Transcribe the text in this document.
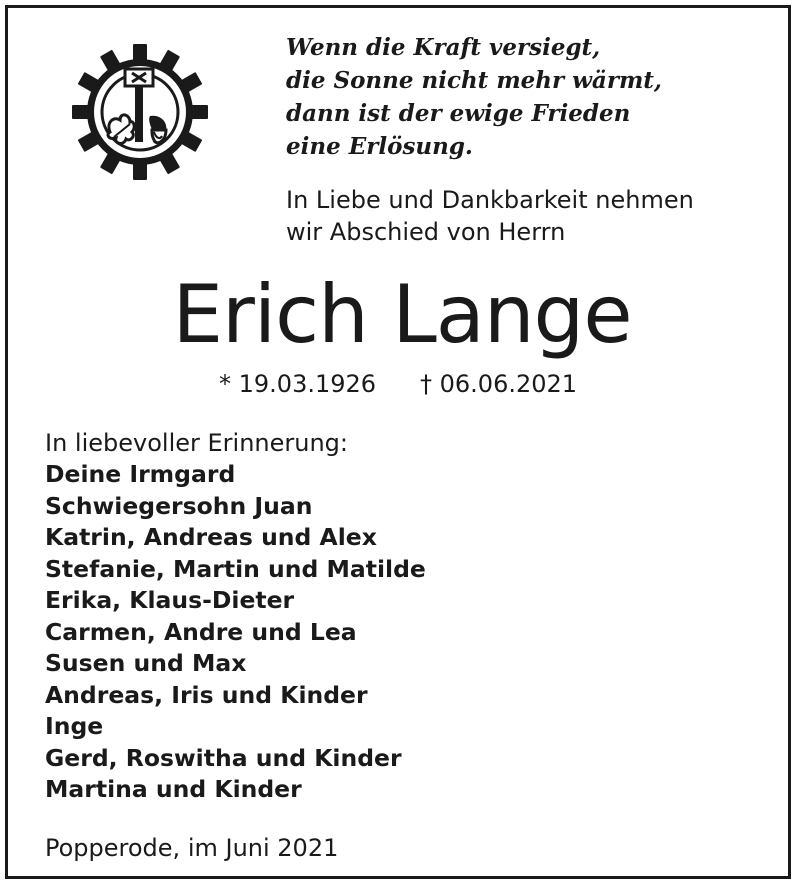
Wenn die Kraft versiegt,
die Sonne nicht mehr wärmt,
dann ist der ewige Frieden
eine Erlösung.
In Liebe und Dankbarkeit nehmen
wir Abschied von Herrn
Erich Lange
* 19.03.1926 † 06.06.2021
In liebevoller Erinnerung:
Deine Irmgard
Schwiegersohn Juan
Katrin, Andreas und Alex
Stefanie, Martin und Matilde
Erika, Klaus-Dieter
Carmen, Andre und Lea
Susen und Max
Andreas, Iris und Kinder
Inge
Gerd, Roswitha und Kinder
Martina und Kinder
Popperode, im Juni 2021
